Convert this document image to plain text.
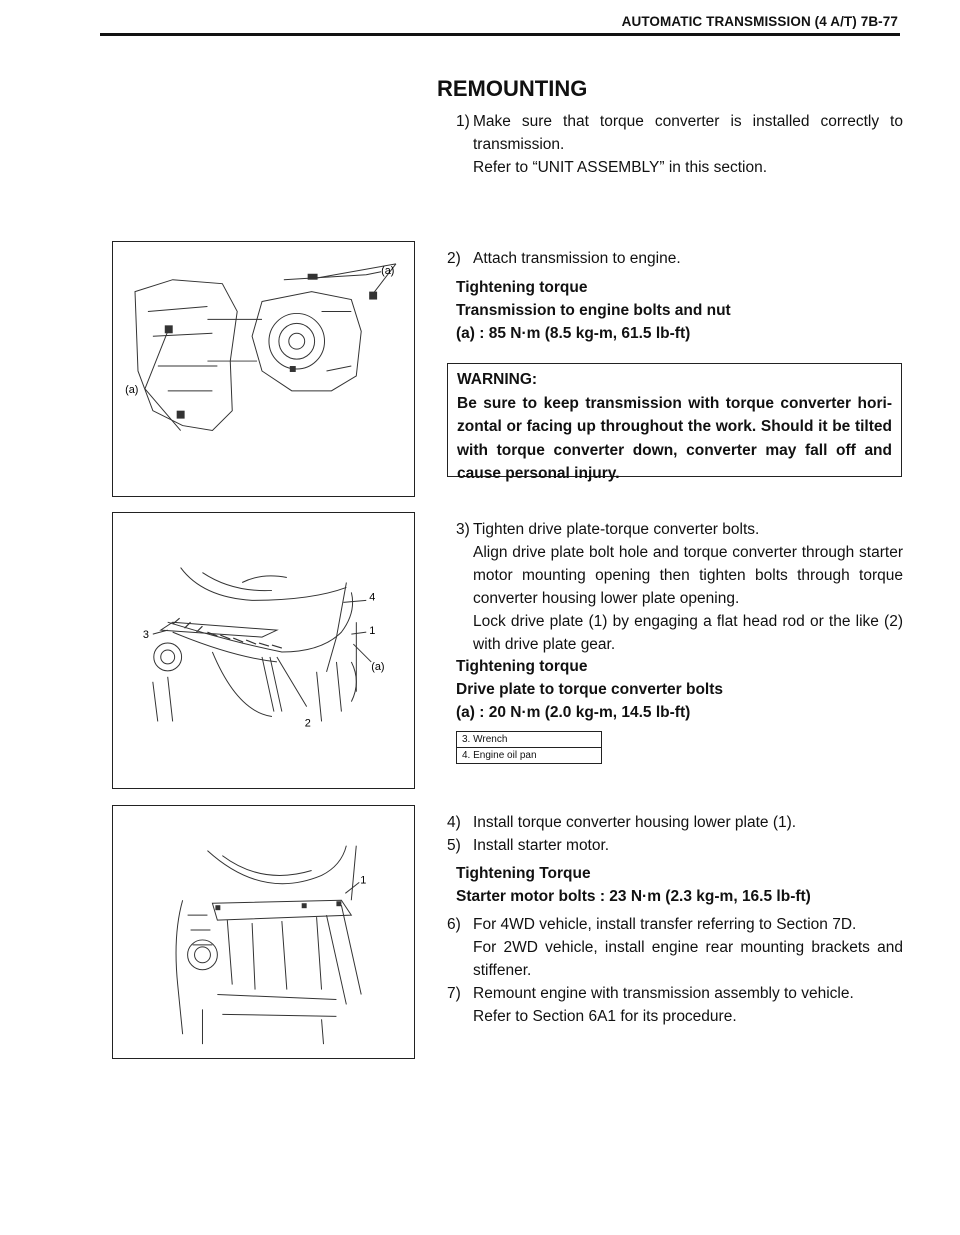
AUTOMATIC TRANSMISSION (4 A/T) 7B-77
REMOUNTING
1) Make sure that torque converter is installed correctly to transmission.

Refer to “UNIT ASSEMBLY” in this section.

(a)
(a)
2) Attach transmission to engine.

Tightening torque

Transmission to engine bolts and nut

(a) : 85 N·m (8.5 kg-m, 61.5 lb-ft)

WARNING:

Be sure to keep transmission with torque converter horizontal or facing up throughout the work. Should it be tilted with torque converter down, converter may fall off and cause personal injury.

4
1
(a)
3
2
3) Tighten drive plate-torque converter bolts.

Align drive plate bolt hole and torque converter through starter motor mounting opening then tighten bolts through torque converter housing lower plate opening.

Lock drive plate (1) by engaging a flat head rod or the like (2) with drive plate gear.

Tightening torque

Drive plate to torque converter bolts

(a) : 20 N·m (2.0 kg-m, 14.5 lb-ft)

3. Wrench
4. Engine oil pan
1
4) Install torque converter housing lower plate (1).

5) Install starter motor.

Tightening Torque

Starter motor bolts : 23 N·m (2.3 kg-m, 16.5 lb-ft)

6) For 4WD vehicle, install transfer referring to Section 7D.

For 2WD vehicle, install engine rear mounting brackets and stiffener.

7) Remount engine with transmission assembly to vehicle.

Refer to Section 6A1 for its procedure.
